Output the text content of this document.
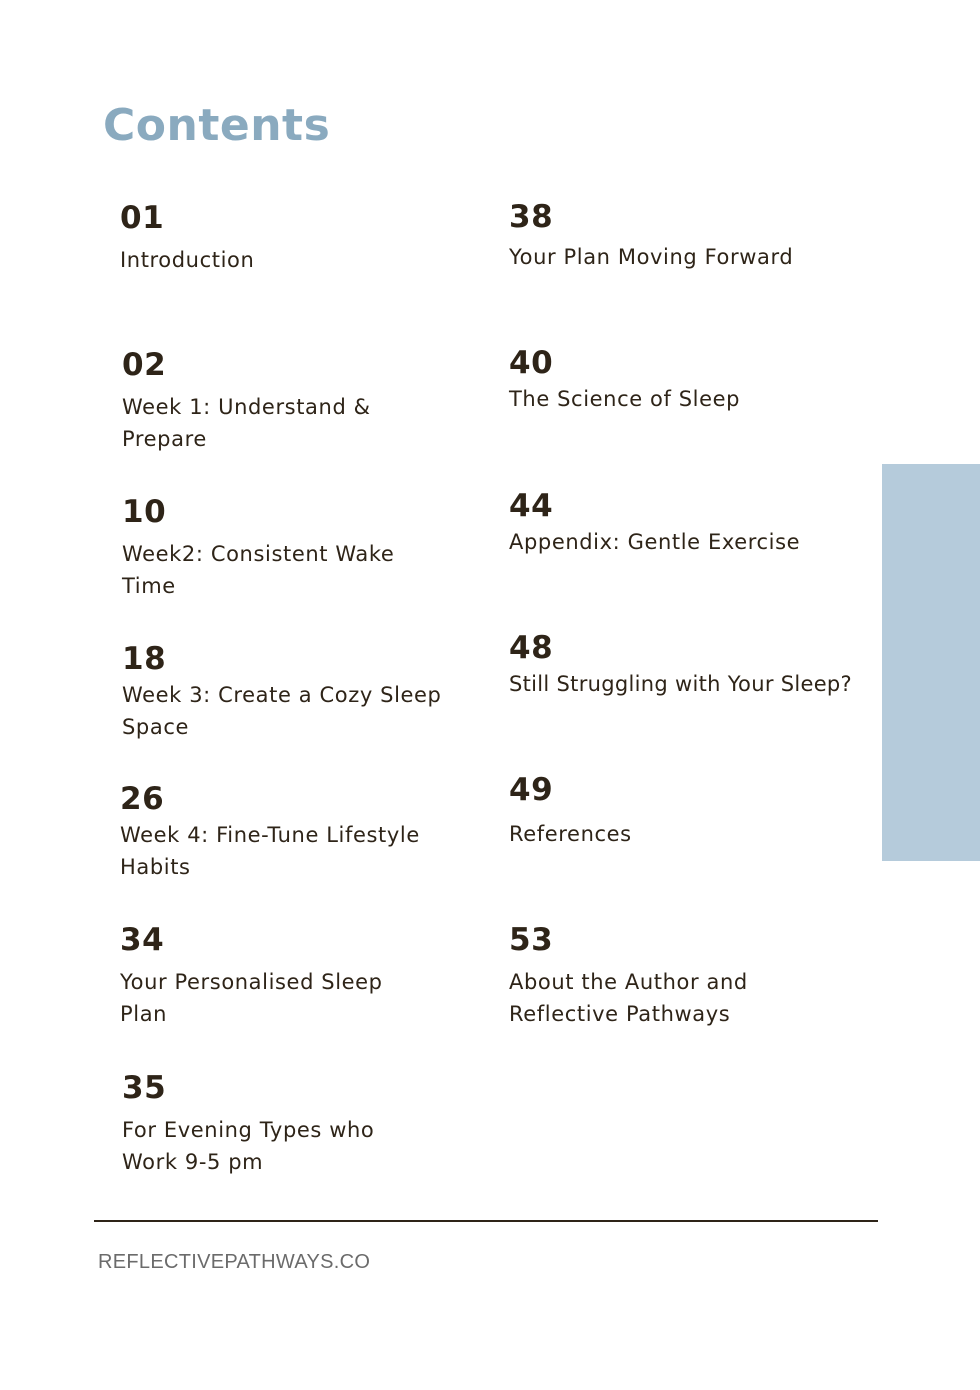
Contents
01
Introduction
02
Week 1: Understand & Prepare
10
Week2: Consistent Wake Time
18
Week 3: Create a Cozy Sleep Space
26
Week 4: Fine-Tune Lifestyle Habits
34
Your Personalised Sleep Plan
35
For Evening Types who Work 9-5 pm
38
Your Plan Moving Forward
40
The Science of Sleep
44
Appendix: Gentle Exercise
48
Still Struggling with Your Sleep?
49
References
53
About the Author and Reflective Pathways
REFLECTIVEPATHWAYS.CO
